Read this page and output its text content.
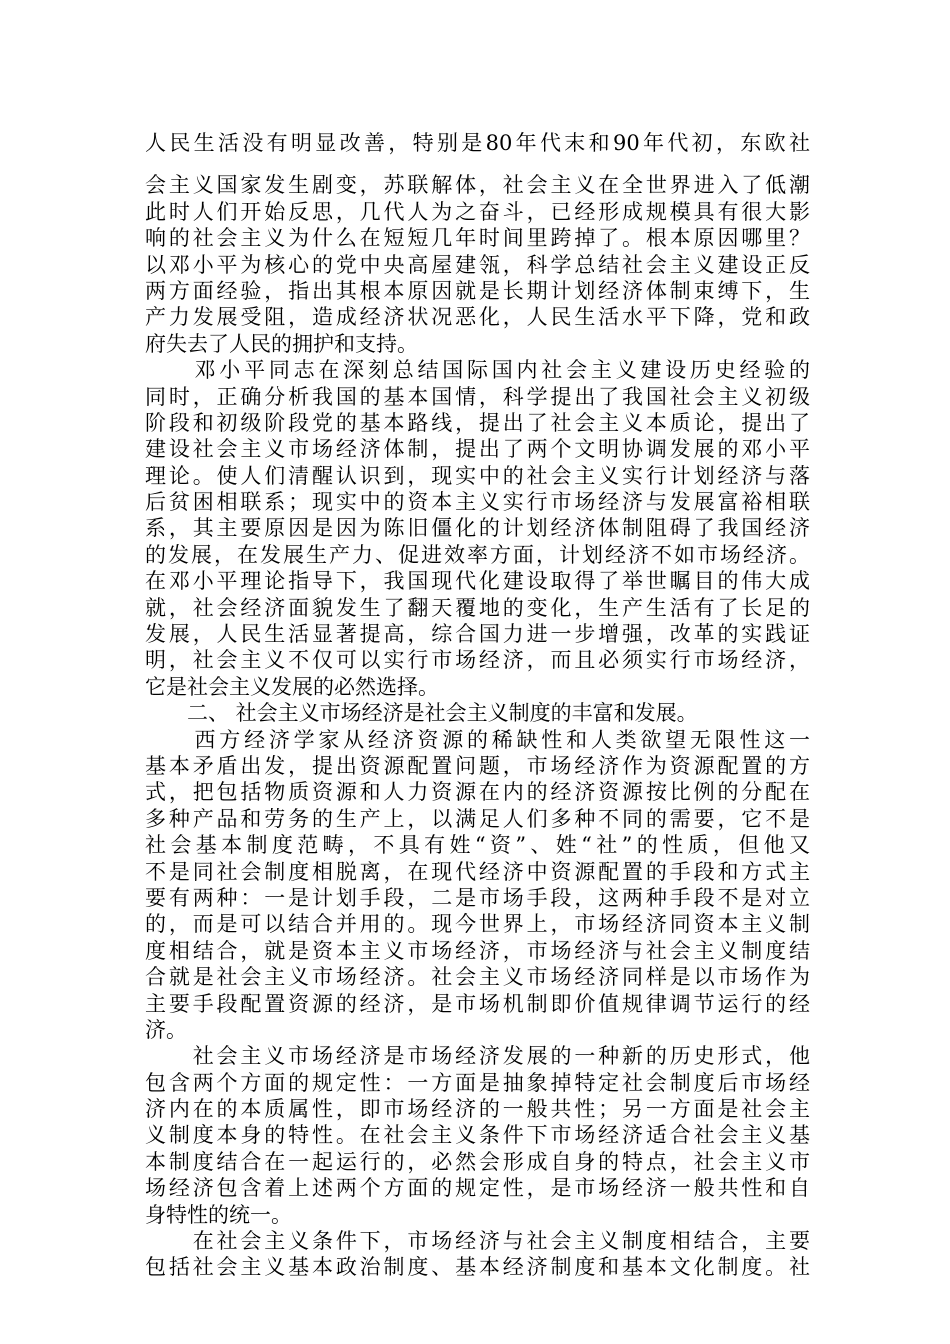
人民生活没有明显改善，特别是80年代末和90年代初，东欧社
会主义国家发生剧变，苏联解体，社会主义在全世界进入了低潮
此时人们开始反思，几代人为之奋斗，已经形成规模具有很大影
响的社会主义为什么在短短几年时间里跨掉了。根本原因哪里？
以邓小平为核心的党中央高屋建瓴，科学总结社会主义建设正反
两方面经验，指出其根本原因就是长期计划经济体制束缚下，生
产力发展受阻，造成经济状况恶化，人民生活水平下降，党和政
府失去了人民的拥护和支持。
　　邓小平同志在深刻总结国际国内社会主义建设历史经验的
同时，正确分析我国的基本国情，科学提出了我国社会主义初级
阶段和初级阶段党的基本路线，提出了社会主义本质论，提出了
建设社会主义市场经济体制，提出了两个文明协调发展的邓小平
理论。使人们清醒认识到，现实中的社会主义实行计划经济与落
后贫困相联系；现实中的资本主义实行市场经济与发展富裕相联
系，其主要原因是因为陈旧僵化的计划经济体制阻碍了我国经济
的发展，在发展生产力、促进效率方面，计划经济不如市场经济。
在邓小平理论指导下，我国现代化建设取得了举世瞩目的伟大成
就，社会经济面貌发生了翻天覆地的变化，生产生活有了长足的
发展，人民生活显著提高，综合国力进一步增强，改革的实践证
明，社会主义不仅可以实行市场经济，而且必须实行市场经济，
它是社会主义发展的必然选择。
　　二、 社会主义市场经济是社会主义制度的丰富和发展。
　　西方经济学家从经济资源的稀缺性和人类欲望无限性这一
基本矛盾出发，提出资源配置问题，市场经济作为资源配置的方
式，把包括物质资源和人力资源在内的经济资源按比例的分配在
多种产品和劳务的生产上，以满足人们多种不同的需要，它不是
社会基本制度范畴，不具有姓“资”、姓“社”的性质，但他又
不是同社会制度相脱离，在现代经济中资源配置的手段和方式主
要有两种：一是计划手段，二是市场手段，这两种手段不是对立
的，而是可以结合并用的。现今世界上，市场经济同资本主义制
度相结合，就是资本主义市场经济，市场经济与社会主义制度结
合就是社会主义市场经济。社会主义市场经济同样是以市场作为
主要手段配置资源的经济，是市场机制即价值规律调节运行的经
济。
　　社会主义市场经济是市场经济发展的一种新的历史形式，他
包含两个方面的规定性：一方面是抽象掉特定社会制度后市场经
济内在的本质属性，即市场经济的一般共性；另一方面是社会主
义制度本身的特性。在社会主义条件下市场经济适合社会主义基
本制度结合在一起运行的，必然会形成自身的特点，社会主义市
场经济包含着上述两个方面的规定性，是市场经济一般共性和自
身特性的统一。
　　在社会主义条件下，市场经济与社会主义制度相结合，主要
包括社会主义基本政治制度、基本经济制度和基本文化制度。社
